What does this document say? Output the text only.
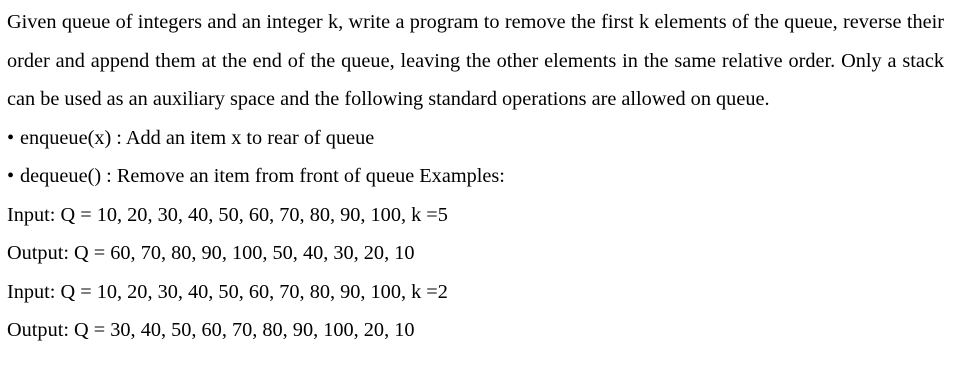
Given queue of integers and an integer k, write a program to remove the first k elements of the queue, reverse their order and append them at the end of the queue, leaving the other elements in the same relative order. Only a stack can be used as an auxiliary space and the following standard operations are allowed on queue.

• enqueue(x) : Add an item x to rear of queue
• dequeue() : Remove an item from front of queue Examples:
Input: Q = 10, 20, 30, 40, 50, 60, 70, 80, 90, 100, k =5
Output: Q = 60, 70, 80, 90, 100, 50, 40, 30, 20, 10
Input: Q = 10, 20, 30, 40, 50, 60, 70, 80, 90, 100, k =2
Output: Q = 30, 40, 50, 60, 70, 80, 90, 100, 20, 10
